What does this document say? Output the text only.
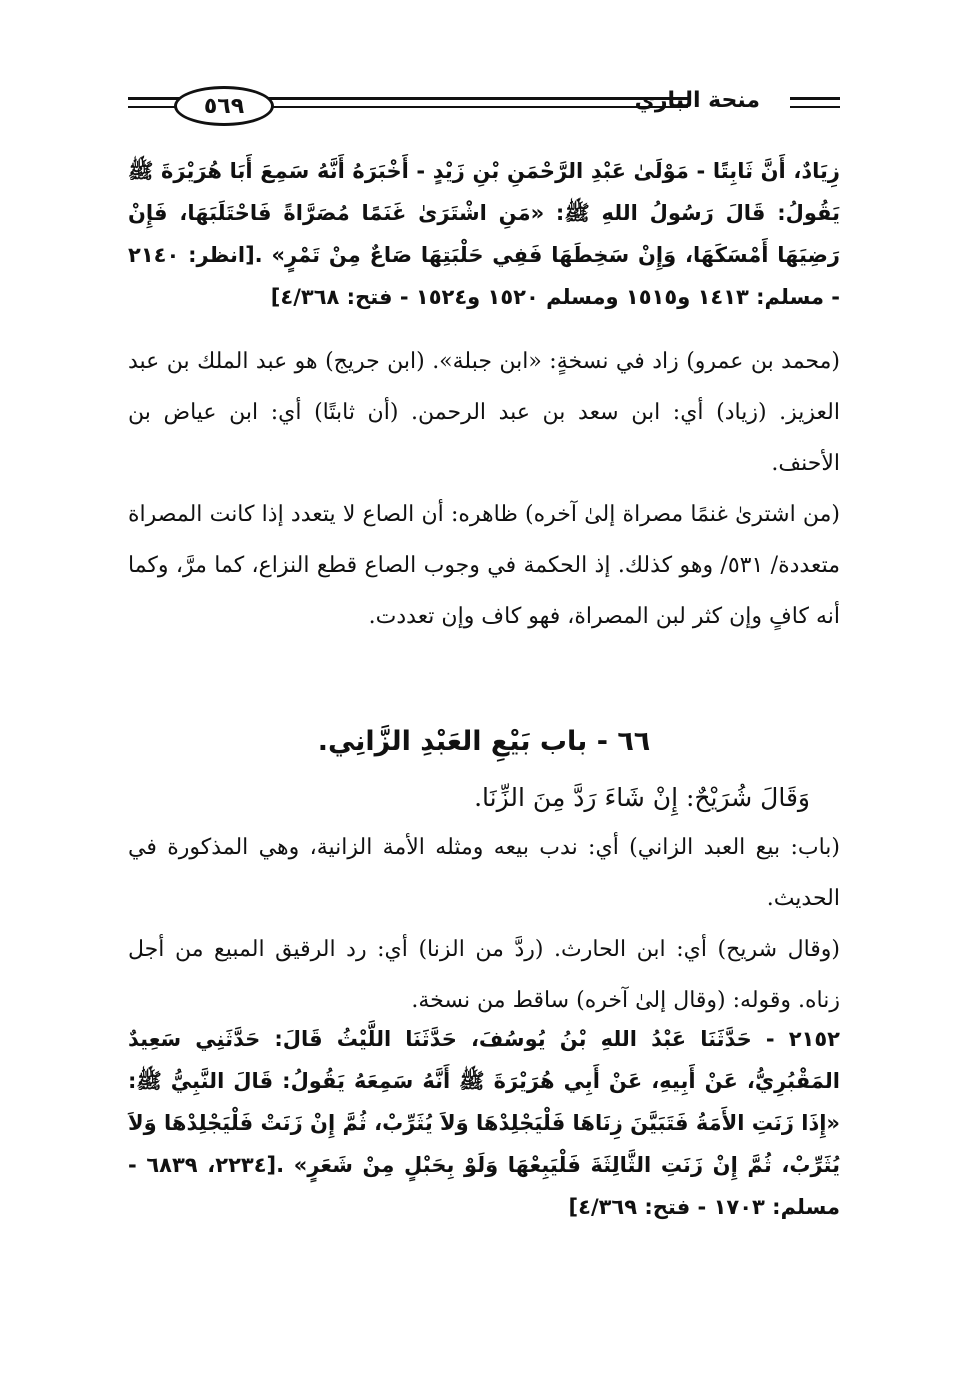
٥٦٩	منحة الباري
زِيَادٌ، أَنَّ ثَابِتًا - مَوْلَىٰ عَبْدِ الرَّحْمَنِ بْنِ زَيْدٍ - أَخْبَرَهُ أَنَّهُ سَمِعَ أَبَا هُرَيْرَةَ ﷺ يَقُولُ: قَالَ رَسُولُ اللهِ ﷺ: «مَنِ اشْتَرَىٰ غَنَمًا مُصَرَّاةً فَاحْتَلَبَهَا، فَإِنْ رَضِيَهَا أَمْسَكَهَا، وَإِنْ سَخِطَهَا فَفِي حَلْبَتِهَا صَاعٌ مِنْ تَمْرٍ» .[انظر: ٢١٤٠ - مسلم: ١٤١٣ و١٥١٥ ومسلم ١٥٢٠ و١٥٢٤ - فتح: ٤/٣٦٨]

(محمد بن عمرو) زاد في نسخةٍ: «ابن جبلة». (ابن جريج) هو عبد الملك بن عبد العزيز. (زياد) أي: ابن سعد بن عبد الرحمن. (أن ثابتًا) أي: ابن عياض بن الأحنف.

(من اشترىٰ غنمًا مصراة إلىٰ آخره) ظاهره: أن الصاع لا يتعدد إذا كانت المصراة متعددة/ ٥٣١/ وهو كذلك. إذ الحكمة في وجوب الصاع قطع النزاع، كما مرَّ، وكما أنه كافٍ وإن كثر لبن المصراة، فهو كاف وإن تعددت.

٦٦ - باب بَيْعِ العَبْدِ الزَّانِي.
وَقَالَ شُرَيْحٌ: إِنْ شَاءَ رَدَّ مِنَ الزِّنَا.

(باب: بيع العبد الزاني) أي: ندب بيعه ومثله الأمة الزانية، وهي المذكورة في الحديث.

(وقال شريح) أي: ابن الحارث. (ردَّ من الزنا) أي: رد الرقيق المبيع من أجل زناه. وقوله: (وقال إلىٰ آخره) ساقط من نسخة.

٢١٥٢ - حَدَّثَنَا عَبْدُ اللهِ بْنُ يُوسُفَ، حَدَّثَنَا اللَّيْثُ قَالَ: حَدَّثَنِي سَعِيدٌ المَقْبُرِيُّ، عَنْ أَبِيهِ، عَنْ أَبِي هُرَيْرَةَ ﷺ أَنَّهُ سَمِعَهُ يَقُولُ: قَالَ النَّبِيُّ ﷺ: «إِذَا زَنَتِ الأَمَةُ فَتَبَيَّنَ زِنَاهَا فَلْيَجْلِدْهَا وَلاَ يُثَرِّبْ، ثُمَّ إِنْ زَنَتْ فَلْيَجْلِدْهَا وَلاَ يُثَرِّبْ، ثُمَّ إِنْ زَنَتِ الثَّالِثَةَ فَلْيَبِعْهَا وَلَوْ بِحَبْلٍ مِنْ شَعَرٍ» .[٢٢٣٤، ٦٨٣٩ - مسلم: ١٧٠٣ - فتح: ٤/٣٦٩]
